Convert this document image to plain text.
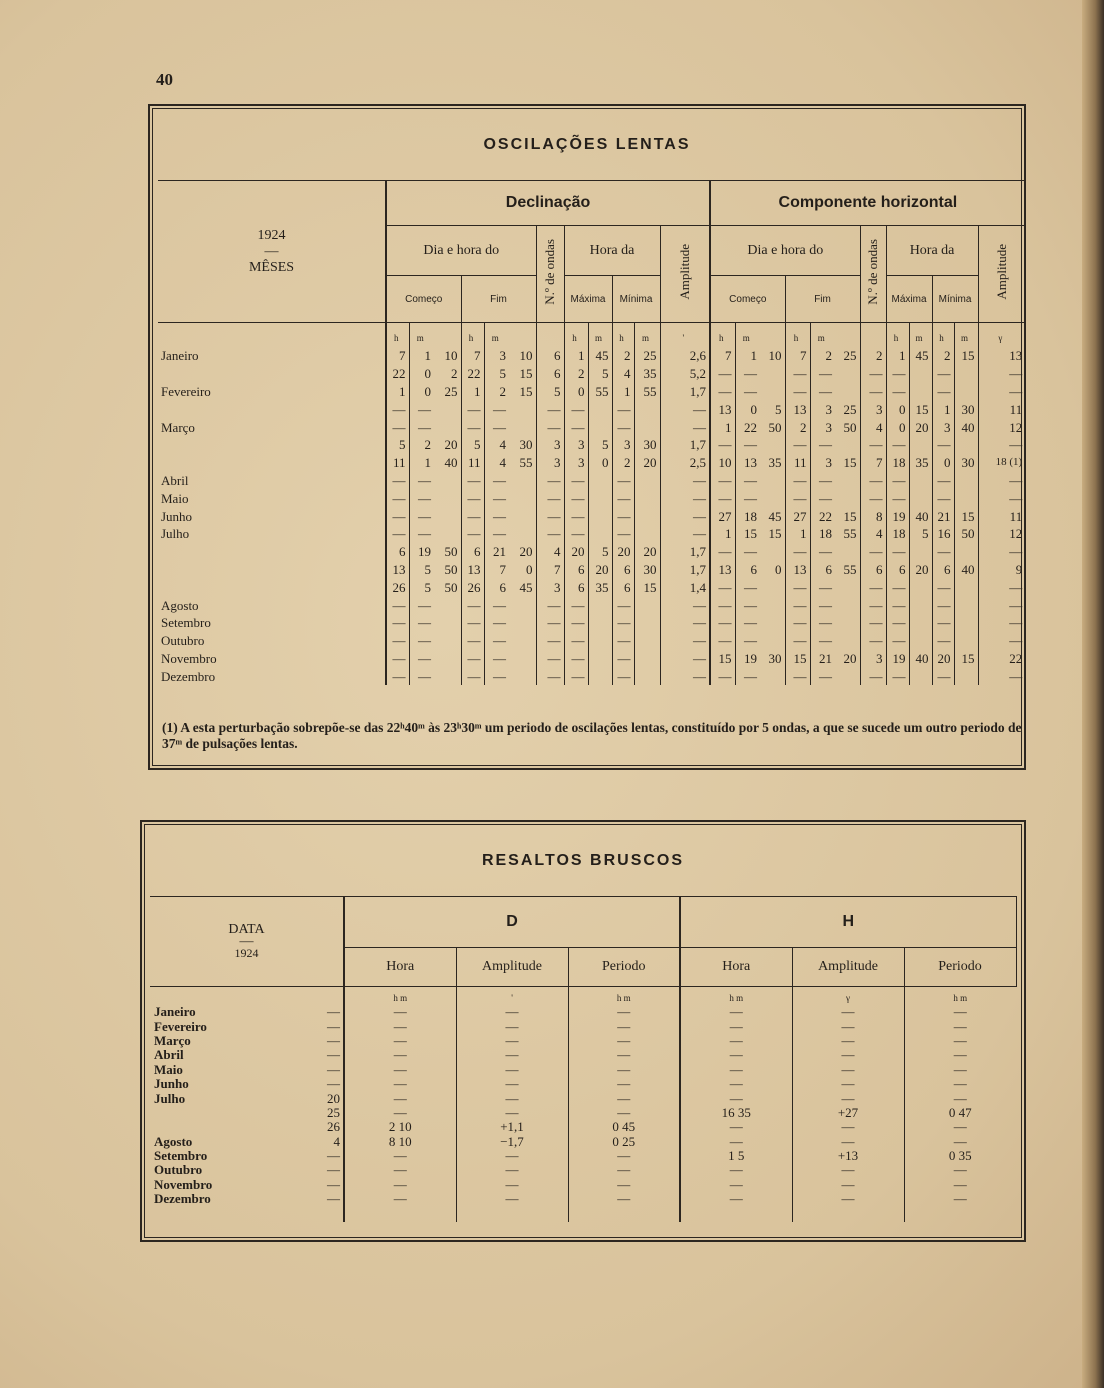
40
OSCILAÇÕES LENTAS
1924
—
MÊSES	Declinação												Componente horizontal											
	Dia e hora do						N.º de ondas	Hora da				Amplitude	Dia e hora do						N.º de ondas	Hora da				Amplitude
	Começo			Fim				Máxima		Mínima			Começo			Fim				Máxima		Mínima		
	h	m		h	m			h	m	h	m	'	h	m		h	m			h	m	h	m	γ
Janeiro	7	1	10	7	3	10	6	1	45	2	25	2,6	7	1	10	7	2	25	2	1	45	2	15	13
	22	0	2	22	5	15	6	2	5	4	35	5,2	—	—		—	—		—	—		—		—
Fevereiro	1	0	25	1	2	15	5	0	55	1	55	1,7	—	—		—	—		—	—		—		—
	—	—		—	—		—	—		—		—	13	0	5	13	3	25	3	0	15	1	30	11
Março	—	—		—	—		—	—		—		—	1	22	50	2	3	50	4	0	20	3	40	12
	5	2	20	5	4	30	3	3	5	3	30	1,7	—	—		—	—		—	—		—		—
	11	1	40	11	4	55	3	3	0	2	20	2,5	10	13	35	11	3	15	7	18	35	0	30	18 (1)
Abril	—	—		—	—		—	—		—		—	—	—		—	—		—	—		—		—
Maio	—	—		—	—		—	—		—		—	—	—		—	—		—	—		—		—
Junho	—	—		—	—		—	—		—		—	27	18	45	27	22	15	8	19	40	21	15	11
Julho	—	—		—	—		—	—		—		—	1	15	15	1	18	55	4	18	5	16	50	12
	6	19	50	6	21	20	4	20	5	20	20	1,7	—	—		—	—		—	—		—		—
	13	5	50	13	7	0	7	6	20	6	30	1,7	13	6	0	13	6	55	6	6	20	6	40	9
	26	5	50	26	6	45	3	6	35	6	15	1,4	—	—		—	—		—	—		—		—
Agosto	—	—		—	—		—	—		—		—	—	—		—	—		—	—		—		—
Setembro	—	—		—	—		—	—		—		—	—	—		—	—		—	—		—		—
Outubro	—	—		—	—		—	—		—		—	—	—		—	—		—	—		—		—
Novembro	—	—		—	—		—	—		—		—	15	19	30	15	21	20	3	19	40	20	15	22
Dezembro	—	—		—	—		—	—		—		—	—	—		—	—		—	—		—		—
(1) A esta perturbação sobrepõe-se das 22ʰ40ᵐ às 23ʰ30ᵐ um periodo de oscilações lentas, constituído por 5 ondas, a que se sucede um outro periodo de 37ᵐ de pulsações lentas.
RESALTOS BRUSCOS
DATA
—
1924		D			H		
		Hora	Amplitude	Periodo	Hora	Amplitude	Periodo
		h m	'	h m	h m	γ	h m
Janeiro	—	—	—	—	—	—	—
Fevereiro	—	—	—	—	—	—	—
Março	—	—	—	—	—	—	—
Abril	—	—	—	—	—	—	—
Maio	—	—	—	—	—	—	—
Junho	—	—	—	—	—	—	—
Julho	20	—	—	—	—	—	—
	25	—	—	—	16 35	+27	0 47
	26	2 10	+1,1	0 45	—	—	—
Agosto	4	8 10	−1,7	0 25	—	—	—
Setembro	—	—	—	—	1 5	+13	0 35
Outubro	—	—	—	—	—	—	—
Novembro	—	—	—	—	—	—	—
Dezembro	—	—	—	—	—	—	—
